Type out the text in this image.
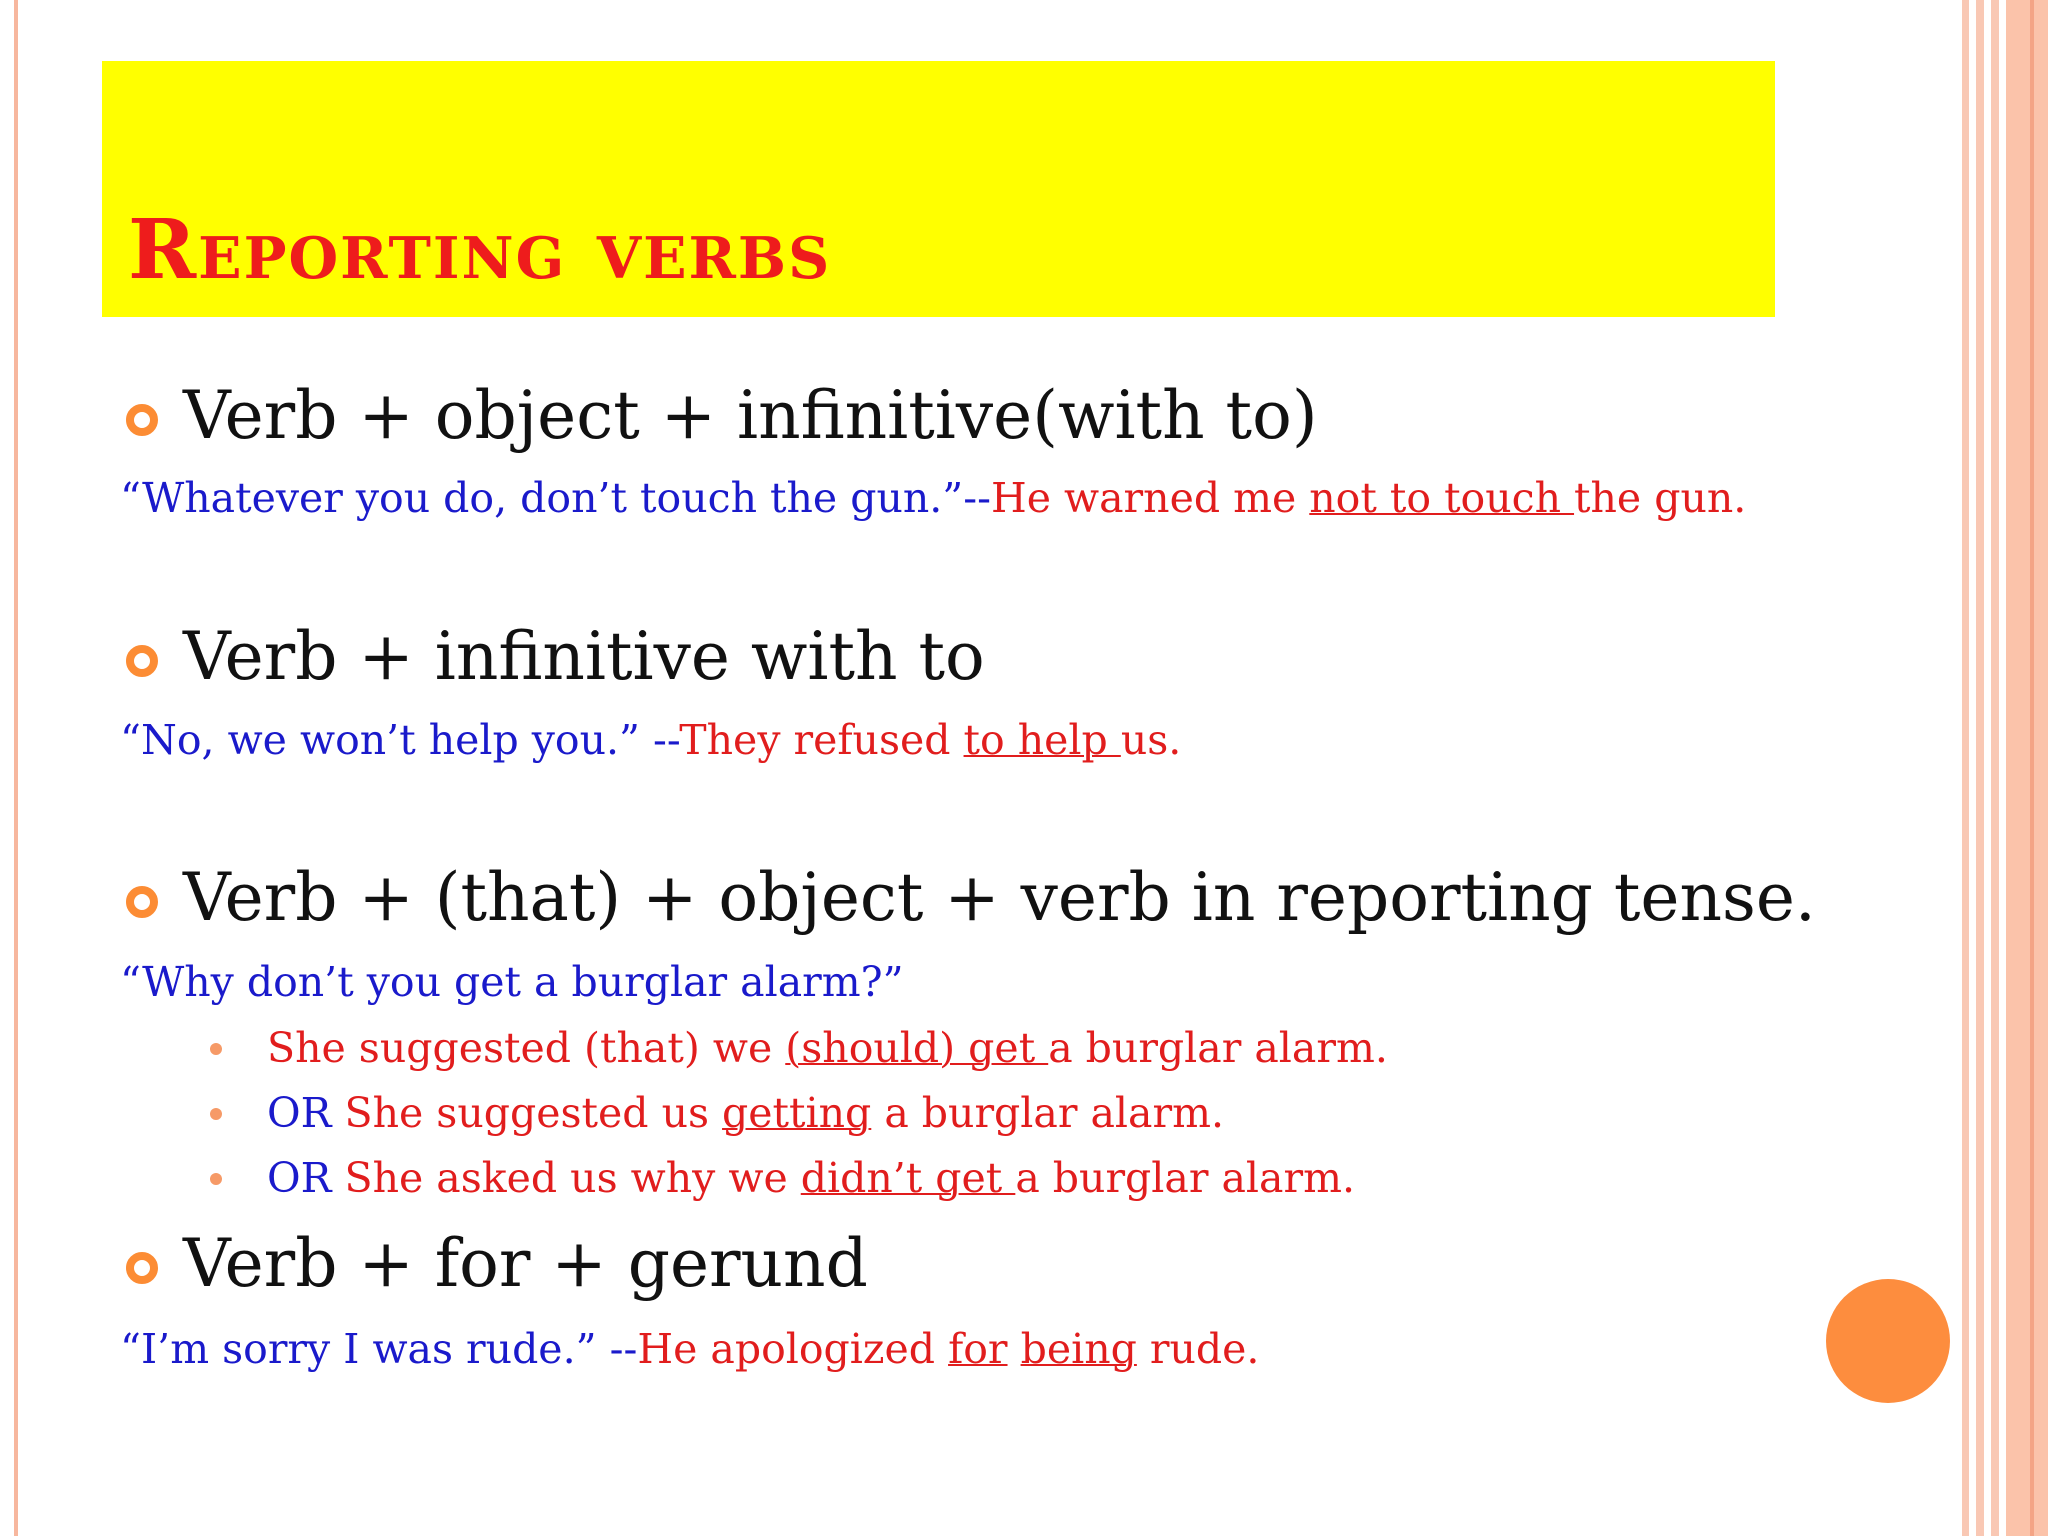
Reporting verbs
Verb + object + infinitive(with to)

“Whatever you do, don’t touch the gun.”--He warned me not to touch the gun.

Verb + infinitive with to

“No, we won’t help you.” --They refused to help us.

Verb + (that) + object + verb in reporting tense.

“Why don’t you get a burglar alarm?”

She suggested (that) we (should) get a burglar alarm.

OR She suggested us getting a burglar alarm.

OR She asked us why we didn’t get a burglar alarm.

Verb + for + gerund

“I’m sorry I was rude.” --He apologized for being rude.
